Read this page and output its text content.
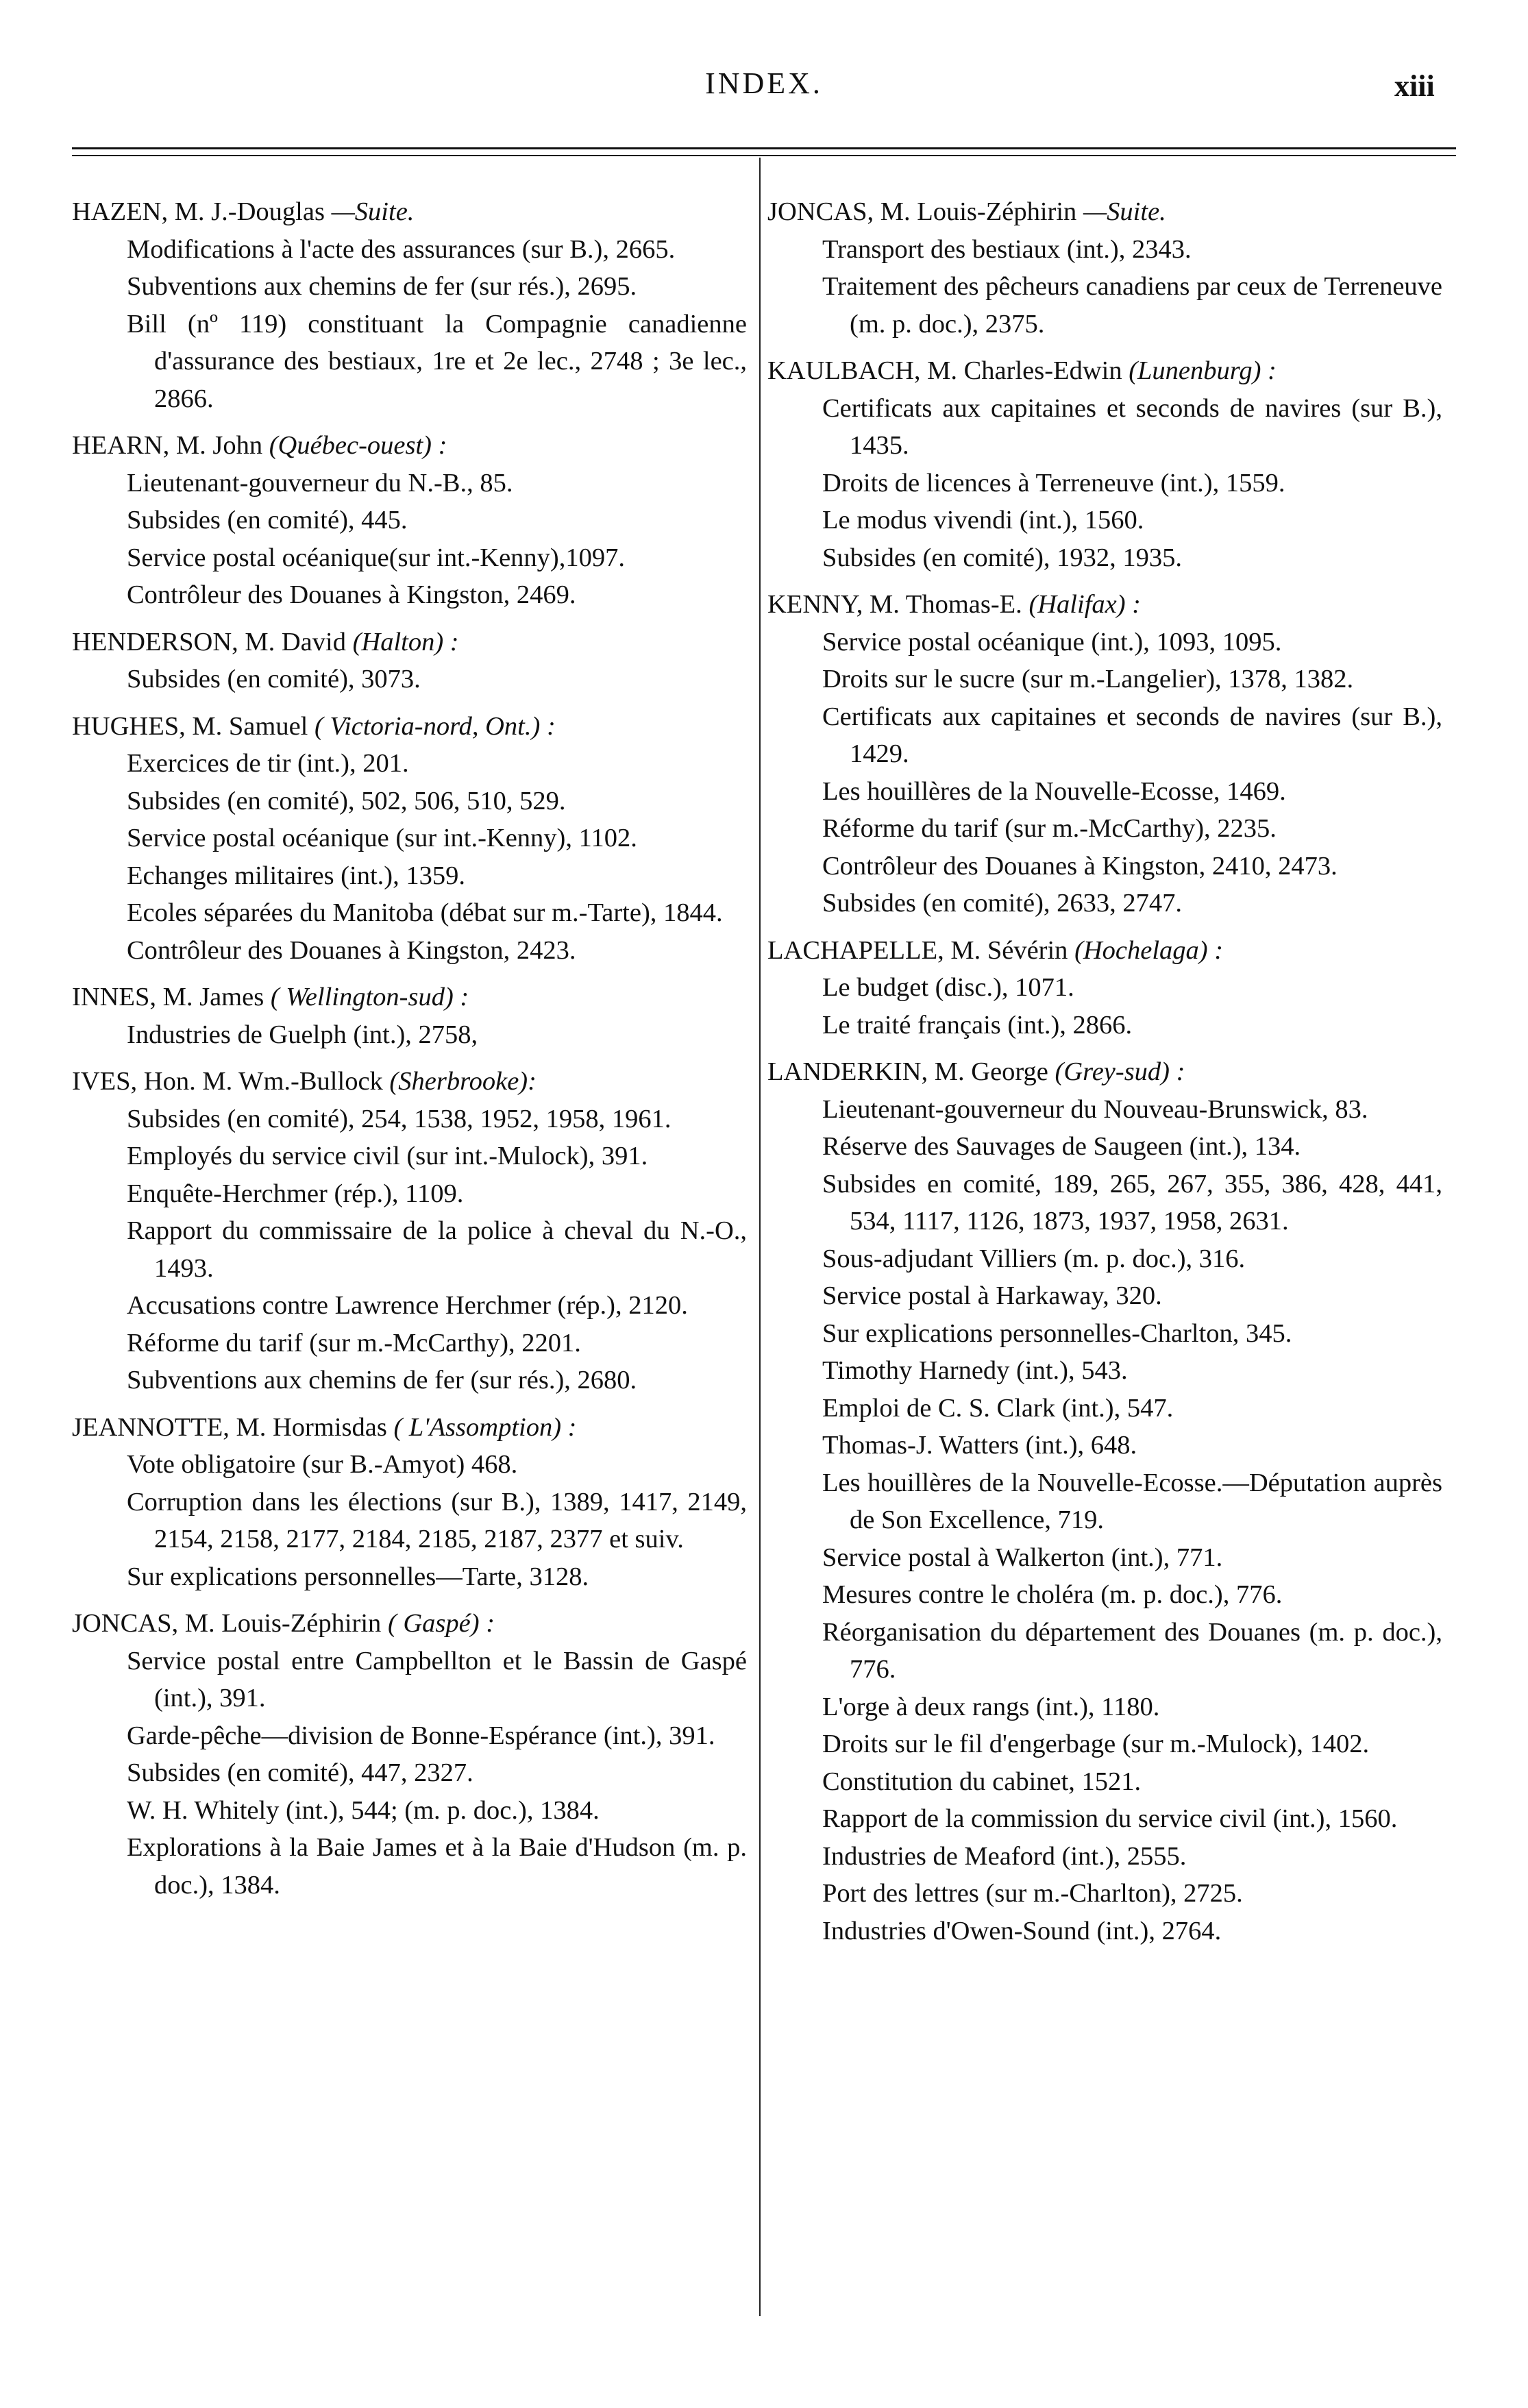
INDEX.	xiii
HAZEN, M. J.-Douglas —Suite.
Modifications à l'acte des assurances (sur B.), 2665.
Subventions aux chemins de fer (sur rés.), 2695.
Bill (nº 119) constituant la Compagnie canadienne d'assurance des bestiaux, 1re et 2e lec., 2748 ; 3e lec., 2866.
HEARN, M. John (Québec-ouest) :
Lieutenant-gouverneur du N.-B., 85.
Subsides (en comité), 445.
Service postal océanique(sur int.-Kenny),1097.
Contrôleur des Douanes à Kingston, 2469.
HENDERSON, M. David (Halton) :
Subsides (en comité), 3073.
HUGHES, M. Samuel ( Victoria-nord, Ont.) :
Exercices de tir (int.), 201.
Subsides (en comité), 502, 506, 510, 529.
Service postal océanique (sur int.-Kenny), 1102.
Echanges militaires (int.), 1359.
Ecoles séparées du Manitoba (débat sur m.-Tarte), 1844.
Contrôleur des Douanes à Kingston, 2423.
INNES, M. James ( Wellington-sud) :
Industries de Guelph (int.), 2758,
IVES, Hon. M. Wm.-Bullock (Sherbrooke):
Subsides (en comité), 254, 1538, 1952, 1958, 1961.
Employés du service civil (sur int.-Mulock), 391.
Enquête-Herchmer (rép.), 1109.
Rapport du commissaire de la police à cheval du N.-O., 1493.
Accusations contre Lawrence Herchmer (rép.), 2120.
Réforme du tarif (sur m.-McCarthy), 2201.
Subventions aux chemins de fer (sur rés.), 2680.
JEANNOTTE, M. Hormisdas ( L'Assomption) :
Vote obligatoire (sur B.-Amyot) 468.
Corruption dans les élections (sur B.), 1389, 1417, 2149, 2154, 2158, 2177, 2184, 2185, 2187, 2377 et suiv.
Sur explications personnelles—Tarte, 3128.
JONCAS, M. Louis-Zéphirin ( Gaspé) :
Service postal entre Campbellton et le Bassin de Gaspé (int.), 391.
Garde-pêche—division de Bonne-Espérance (int.), 391.
Subsides (en comité), 447, 2327.
W. H. Whitely (int.), 544; (m. p. doc.), 1384.
Explorations à la Baie James et à la Baie d'Hudson (m. p. doc.), 1384.
JONCAS, M. Louis-Zéphirin —Suite.
Transport des bestiaux (int.), 2343.
Traitement des pêcheurs canadiens par ceux de Terreneuve (m. p. doc.), 2375.
KAULBACH, M. Charles-Edwin (Lunenburg) :
Certificats aux capitaines et seconds de navires (sur B.), 1435.
Droits de licences à Terreneuve (int.), 1559.
Le modus vivendi (int.), 1560.
Subsides (en comité), 1932, 1935.
KENNY, M. Thomas-E. (Halifax) :
Service postal océanique (int.), 1093, 1095.
Droits sur le sucre (sur m.-Langelier), 1378, 1382.
Certificats aux capitaines et seconds de navires (sur B.), 1429.
Les houillères de la Nouvelle-Ecosse, 1469.
Réforme du tarif (sur m.-McCarthy), 2235.
Contrôleur des Douanes à Kingston, 2410, 2473.
Subsides (en comité), 2633, 2747.
LACHAPELLE, M. Sévérin (Hochelaga) :
Le budget (disc.), 1071.
Le traité français (int.), 2866.
LANDERKIN, M. George (Grey-sud) :
Lieutenant-gouverneur du Nouveau-Brunswick, 83.
Réserve des Sauvages de Saugeen (int.), 134.
Subsides en comité, 189, 265, 267, 355, 386, 428, 441, 534, 1117, 1126, 1873, 1937, 1958, 2631.
Sous-adjudant Villiers (m. p. doc.), 316.
Service postal à Harkaway, 320.
Sur explications personnelles-Charlton, 345.
Timothy Harnedy (int.), 543.
Emploi de C. S. Clark (int.), 547.
Thomas-J. Watters (int.), 648.
Les houillères de la Nouvelle-Ecosse.—Députation auprès de Son Excellence, 719.
Service postal à Walkerton (int.), 771.
Mesures contre le choléra (m. p. doc.), 776.
Réorganisation du département des Douanes (m. p. doc.), 776.
L'orge à deux rangs (int.), 1180.
Droits sur le fil d'engerbage (sur m.-Mulock), 1402.
Constitution du cabinet, 1521.
Rapport de la commission du service civil (int.), 1560.
Industries de Meaford (int.), 2555.
Port des lettres (sur m.-Charlton), 2725.
Industries d'Owen-Sound (int.), 2764.
